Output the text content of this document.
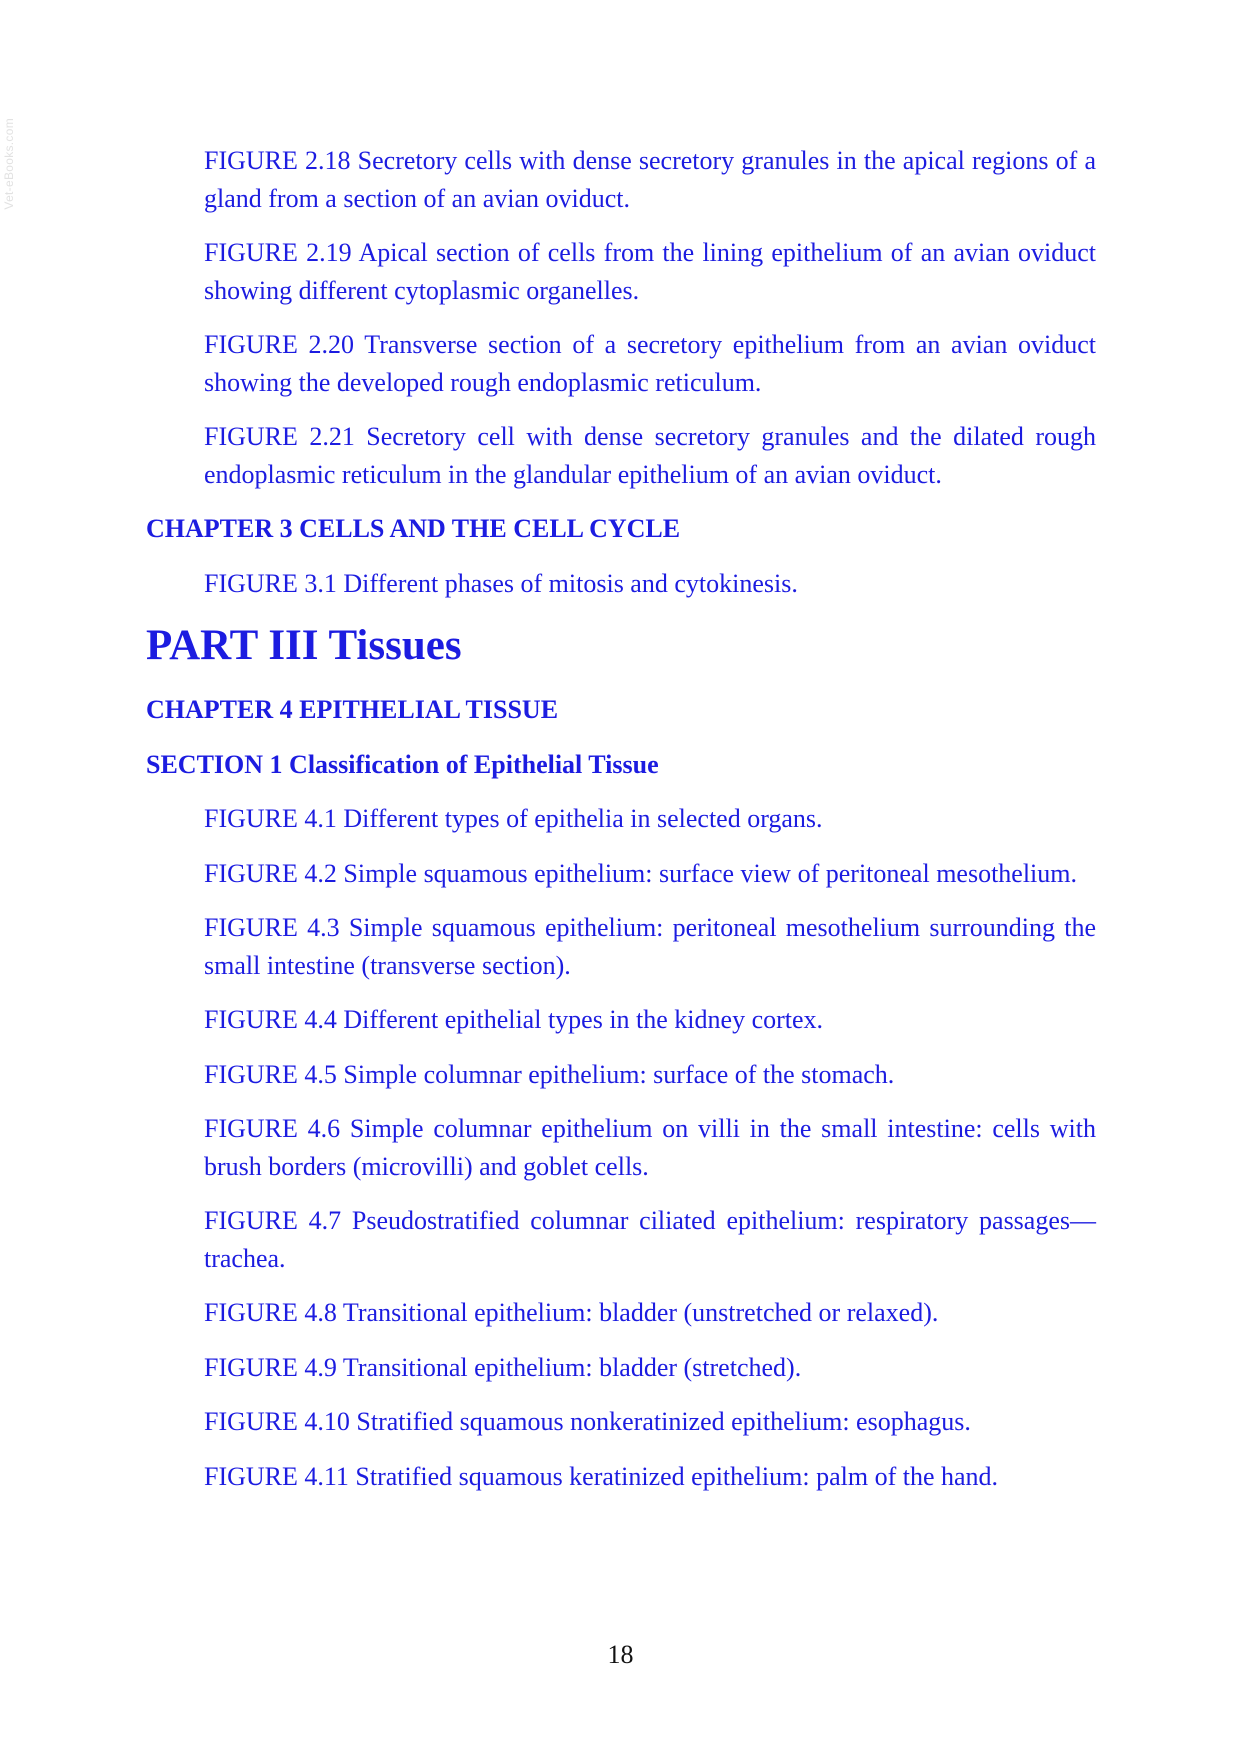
Vet-eBooks.com	FIGURE 2.18 Secretory cells with dense secretory granules in the apical regions of a gland from a section of an avian oviduct.
FIGURE 2.19 Apical section of cells from the lining epithelium of an avian oviduct showing different cytoplasmic organelles.
FIGURE 2.20 Transverse section of a secretory epithelium from an avian oviduct showing the developed rough endoplasmic reticulum.
FIGURE 2.21 Secretory cell with dense secretory granules and the dilated rough endoplasmic reticulum in the glandular epithelium of an avian oviduct.
CHAPTER 3 CELLS AND THE CELL CYCLE
FIGURE 3.1 Different phases of mitosis and cytokinesis.
PART III Tissues
CHAPTER 4 EPITHELIAL TISSUE
SECTION 1 Classification of Epithelial Tissue
FIGURE 4.1 Different types of epithelia in selected organs.
FIGURE 4.2 Simple squamous epithelium: surface view of peritoneal mesothelium.
FIGURE 4.3 Simple squamous epithelium: peritoneal mesothelium surrounding the small intestine (transverse section).
FIGURE 4.4 Different epithelial types in the kidney cortex.
FIGURE 4.5 Simple columnar epithelium: surface of the stomach.
FIGURE 4.6 Simple columnar epithelium on villi in the small intestine: cells with brush borders (microvilli) and goblet cells.
FIGURE 4.7 Pseudostratified columnar ciliated epithelium: respiratory passages—trachea.
FIGURE 4.8 Transitional epithelium: bladder (unstretched or relaxed).
FIGURE 4.9 Transitional epithelium: bladder (stretched).
FIGURE 4.10 Stratified squamous nonkeratinized epithelium: esophagus.
FIGURE 4.11 Stratified squamous keratinized epithelium: palm of the hand.
18
